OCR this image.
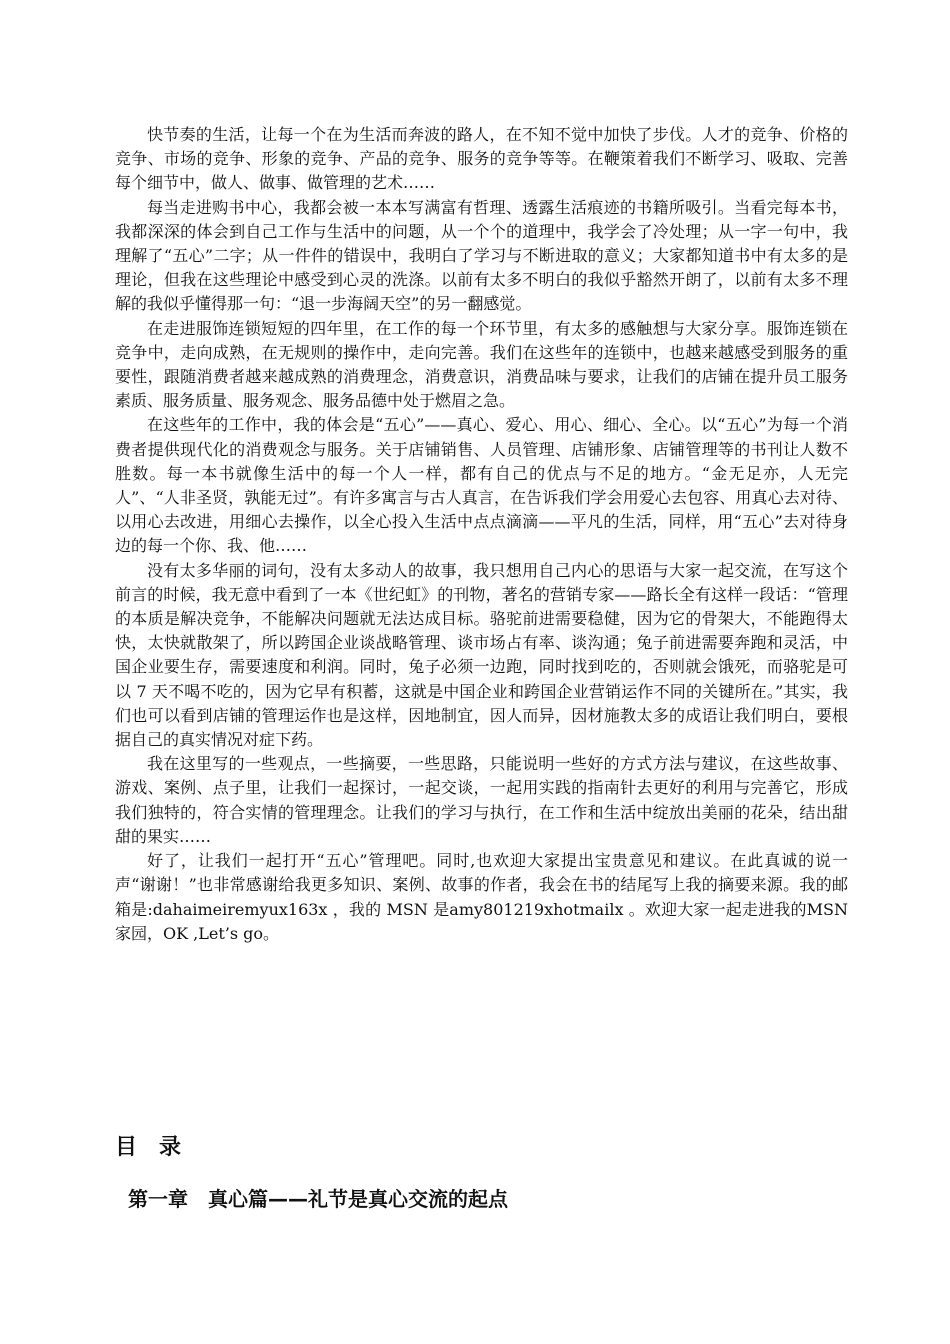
快节奏的生活，让每一个在为生活而奔波的路人，在不知不觉中加快了步伐。人才的竞争、价格的竞争、市场的竞争、形象的竞争、产品的竞争、服务的竞争等等。在鞭策着我们不断学习、吸取、完善每个细节中，做人、做事、做管理的艺术……

每当走进购书中心，我都会被一本本写满富有哲理、透露生活痕迹的书籍所吸引。当看完每本书，我都深深的体会到自己工作与生活中的问题，从一个个的道理中，我学会了冷处理；从一字一句中，我理解了“五心”二字；从一件件的错误中，我明白了学习与不断进取的意义；大家都知道书中有太多的是理论，但我在这些理论中感受到心灵的洗涤。以前有太多不明白的我似乎豁然开朗了，以前有太多不理解的我似乎懂得那一句：“退一步海阔天空”的另一翻感觉。

在走进服饰连锁短短的四年里，在工作的每一个环节里，有太多的感触想与大家分享。服饰连锁在竞争中，走向成熟，在无规则的操作中，走向完善。我们在这些年的连锁中，也越来越感受到服务的重要性，跟随消费者越来越成熟的消费理念，消费意识，消费品味与要求，让我们的店铺在提升员工服务素质、服务质量、服务观念、服务品德中处于燃眉之急。

在这些年的工作中，我的体会是“五心”——真心、爱心、用心、细心、全心。以“五心”为每一个消费者提供现代化的消费观念与服务。关于店铺销售、人员管理、店铺形象、店铺管理等的书刊让人数不胜数。每一本书就像生活中的每一个人一样，都有自己的优点与不足的地方。“金无足亦，人无完人”、“人非圣贤，孰能无过”。有许多寓言与古人真言，在告诉我们学会用爱心去包容、用真心去对待、以用心去改进，用细心去操作，以全心投入生活中点点滴滴——平凡的生活，同样，用“五心”去对待身边的每一个你、我、他……

没有太多华丽的词句，没有太多动人的故事，我只想用自己内心的思语与大家一起交流，在写这个前言的时候，我无意中看到了一本《世纪虹》的刊物，著名的营销专家——路长全有这样一段话：“管理的本质是解决竞争，不能解决问题就无法达成目标。骆驼前进需要稳健，因为它的骨架大，不能跑得太快，太快就散架了，所以跨国企业谈战略管理、谈市场占有率、谈沟通；兔子前进需要奔跑和灵活，中国企业要生存，需要速度和利润。同时，兔子必须一边跑，同时找到吃的，否则就会饿死，而骆驼是可以 7 天不喝不吃的，因为它早有积蓄，这就是中国企业和跨国企业营销运作不同的关键所在。”其实，我们也可以看到店铺的管理运作也是这样，因地制宜，因人而异，因材施教太多的成语让我们明白，要根据自己的真实情况对症下药。

我在这里写的一些观点，一些摘要，一些思路，只能说明一些好的方式方法与建议，在这些故事、游戏、案例、点子里，让我们一起探讨，一起交谈，一起用实践的指南针去更好的利用与完善它，形成我们独特的，符合实情的管理理念。让我们的学习与执行，在工作和生活中绽放出美丽的花朵，结出甜甜的果实……

好了，让我们一起打开“五心”管理吧。同时,也欢迎大家提出宝贵意见和建议。在此真诚的说一声“谢谢！”也非常感谢给我更多知识、案例、故事的作者，我会在书的结尾写上我的摘要来源。我的邮箱是:dahaimeiremyux163x ，我的 MSN 是amy801219xhotmailx 。欢迎大家一起走进我的MSN家园，OK ,Let’s go。

目录
第一章　真心篇——礼节是真心交流的起点
